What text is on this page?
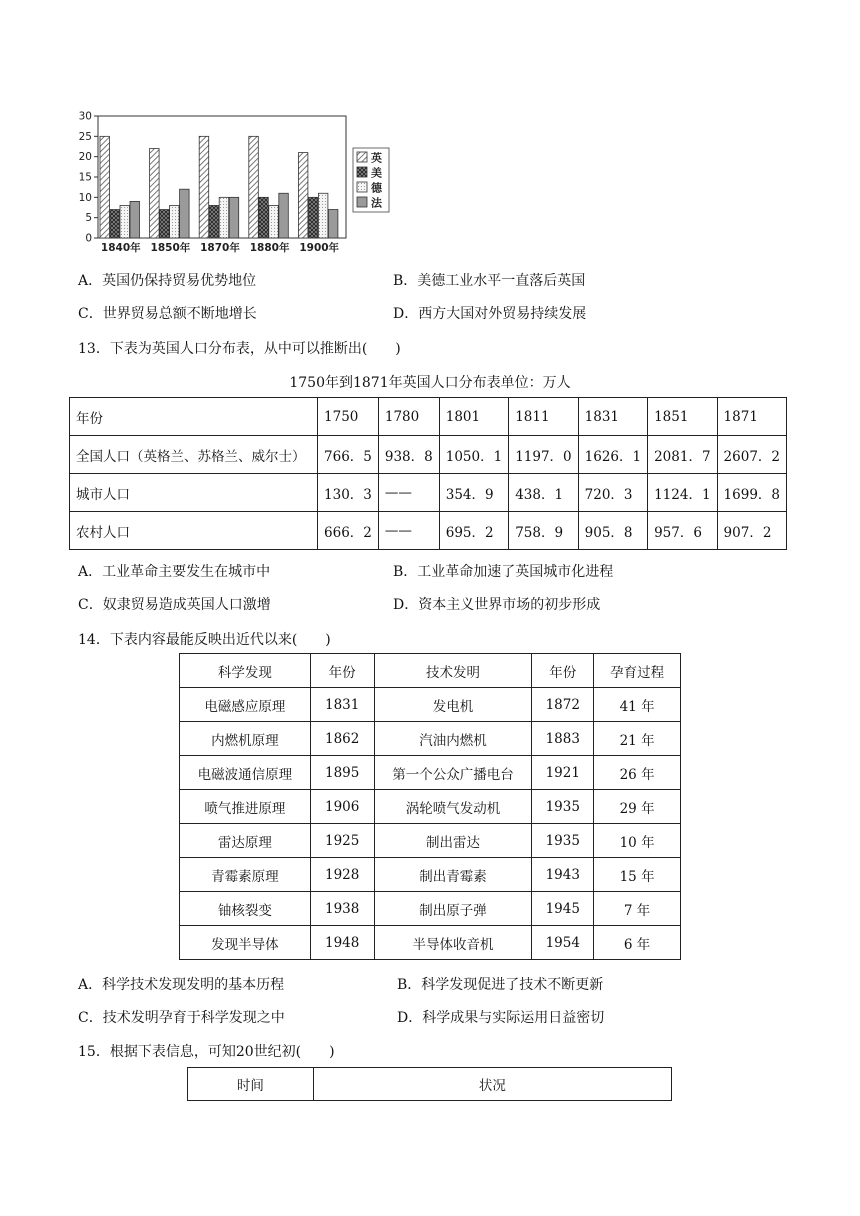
0
5
10
15
20
25
30
1840年 1850年 1870年 1880年 1900年
英
美
德
法
A．英国仍保持贸易优势地位	B．美德工业水平一直落后英国
C．世界贸易总额不断地增长	D．西方大国对外贸易持续发展
13．下表为英国人口分布表，从中可以推断出(　　)
1750年到1871年英国人口分布表单位：万人
年份	1750	1780	1801	1811	1831	1851	1871
全国人口（英格兰、苏格兰、威尔士）	766．5	938．8	1050．1	1197．0	1626．1	2081．7	2607．2
城市人口	130．3	——	354．9	438．1	720．3	1124．1	1699．8
农村人口	666．2	——	695．2	758．9	905．8	957．6	907．2
A．工业革命主要发生在城市中	B．工业革命加速了英国城市化进程
C．奴隶贸易造成英国人口激增	D．资本主义世界市场的初步形成
14．下表内容最能反映出近代以来(　　)
科学发现	年份	技术发明	年份	孕育过程
电磁感应原理	1831	发电机	1872	41 年
内燃机原理	1862	汽油内燃机	1883	21 年
电磁波通信原理	1895	第一个公众广播电台	1921	26 年
喷气推进原理	1906	涡轮喷气发动机	1935	29 年
雷达原理	1925	制出雷达	1935	10 年
青霉素原理	1928	制出青霉素	1943	15 年
铀核裂变	1938	制出原子弹	1945	7 年
发现半导体	1948	半导体收音机	1954	6 年
A．科学技术发现发明的基本历程	B．科学发现促进了技术不断更新
C．技术发明孕育于科学发现之中	D．科学成果与实际运用日益密切
15．根据下表信息，可知20世纪初(　　)
时间	状况
